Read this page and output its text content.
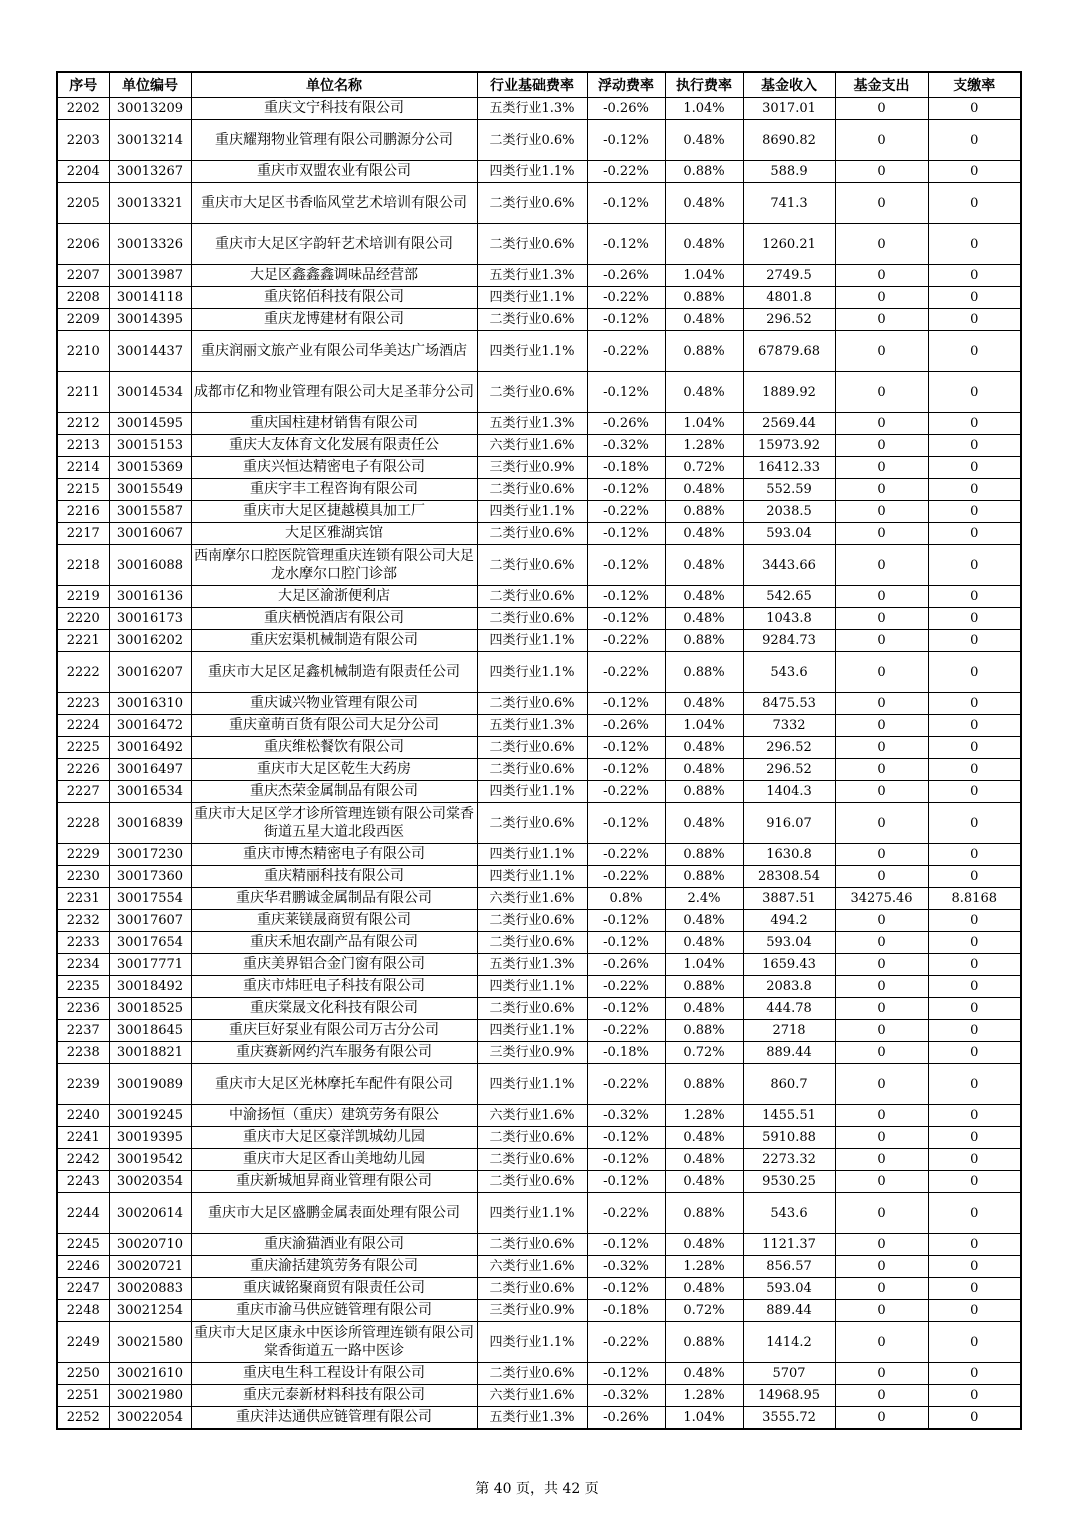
序号	单位编号	单位名称	行业基础费率	浮动费率	执行费率	基金收入	基金支出	支缴率
2202	30013209	重庆文宁科技有限公司	五类行业1.3%	-0.26%	1.04%	3017.01	0	0
2203	30013214	重庆耀翔物业管理有限公司鹏源分公司	二类行业0.6%	-0.12%	0.48%	8690.82	0	0
2204	30013267	重庆市双盟农业有限公司	四类行业1.1%	-0.22%	0.88%	588.9	0	0
2205	30013321	重庆市大足区书香临风堂艺术培训有限公司	二类行业0.6%	-0.12%	0.48%	741.3	0	0
2206	30013326	重庆市大足区字韵轩艺术培训有限公司	二类行业0.6%	-0.12%	0.48%	1260.21	0	0
2207	30013987	大足区鑫鑫鑫调味品经营部	五类行业1.3%	-0.26%	1.04%	2749.5	0	0
2208	30014118	重庆铭佰科技有限公司	四类行业1.1%	-0.22%	0.88%	4801.8	0	0
2209	30014395	重庆龙博建材有限公司	二类行业0.6%	-0.12%	0.48%	296.52	0	0
2210	30014437	重庆润丽文旅产业有限公司华美达广场酒店	四类行业1.1%	-0.22%	0.88%	67879.68	0	0
2211	30014534	成都市亿和物业管理有限公司大足圣菲分公司	二类行业0.6%	-0.12%	0.48%	1889.92	0	0
2212	30014595	重庆国柱建材销售有限公司	五类行业1.3%	-0.26%	1.04%	2569.44	0	0
2213	30015153	重庆大友体育文化发展有限责任公	六类行业1.6%	-0.32%	1.28%	15973.92	0	0
2214	30015369	重庆兴恒达精密电子有限公司	三类行业0.9%	-0.18%	0.72%	16412.33	0	0
2215	30015549	重庆宇丰工程咨询有限公司	二类行业0.6%	-0.12%	0.48%	552.59	0	0
2216	30015587	重庆市大足区捷越模具加工厂	四类行业1.1%	-0.22%	0.88%	2038.5	0	0
2217	30016067	大足区雅湖宾馆	二类行业0.6%	-0.12%	0.48%	593.04	0	0
2218	30016088	西南摩尔口腔医院管理重庆连锁有限公司大足龙水摩尔口腔门诊部	二类行业0.6%	-0.12%	0.48%	3443.66	0	0
2219	30016136	大足区渝浙便利店	二类行业0.6%	-0.12%	0.48%	542.65	0	0
2220	30016173	重庆栖悦酒店有限公司	二类行业0.6%	-0.12%	0.48%	1043.8	0	0
2221	30016202	重庆宏渠机械制造有限公司	四类行业1.1%	-0.22%	0.88%	9284.73	0	0
2222	30016207	重庆市大足区足鑫机械制造有限责任公司	四类行业1.1%	-0.22%	0.88%	543.6	0	0
2223	30016310	重庆诚兴物业管理有限公司	二类行业0.6%	-0.12%	0.48%	8475.53	0	0
2224	30016472	重庆童萌百货有限公司大足分公司	五类行业1.3%	-0.26%	1.04%	7332	0	0
2225	30016492	重庆维松餐饮有限公司	二类行业0.6%	-0.12%	0.48%	296.52	0	0
2226	30016497	重庆市大足区乾生大药房	二类行业0.6%	-0.12%	0.48%	296.52	0	0
2227	30016534	重庆杰荣金属制品有限公司	四类行业1.1%	-0.22%	0.88%	1404.3	0	0
2228	30016839	重庆市大足区学才诊所管理连锁有限公司棠香街道五星大道北段西医	二类行业0.6%	-0.12%	0.48%	916.07	0	0
2229	30017230	重庆市博杰精密电子有限公司	四类行业1.1%	-0.22%	0.88%	1630.8	0	0
2230	30017360	重庆精丽科技有限公司	四类行业1.1%	-0.22%	0.88%	28308.54	0	0
2231	30017554	重庆华君鹏诚金属制品有限公司	六类行业1.6%	0.8%	2.4%	3887.51	34275.46	8.8168
2232	30017607	重庆莱镁晟商贸有限公司	二类行业0.6%	-0.12%	0.48%	494.2	0	0
2233	30017654	重庆禾旭农副产品有限公司	二类行业0.6%	-0.12%	0.48%	593.04	0	0
2234	30017771	重庆美界铝合金门窗有限公司	五类行业1.3%	-0.26%	1.04%	1659.43	0	0
2235	30018492	重庆市炜旺电子科技有限公司	四类行业1.1%	-0.22%	0.88%	2083.8	0	0
2236	30018525	重庆棠晟文化科技有限公司	二类行业0.6%	-0.12%	0.48%	444.78	0	0
2237	30018645	重庆巨好泵业有限公司万古分公司	四类行业1.1%	-0.22%	0.88%	2718	0	0
2238	30018821	重庆赛新网约汽车服务有限公司	三类行业0.9%	-0.18%	0.72%	889.44	0	0
2239	30019089	重庆市大足区光林摩托车配件有限公司	四类行业1.1%	-0.22%	0.88%	860.7	0	0
2240	30019245	中渝扬恒（重庆）建筑劳务有限公	六类行业1.6%	-0.32%	1.28%	1455.51	0	0
2241	30019395	重庆市大足区豪洋凯城幼儿园	二类行业0.6%	-0.12%	0.48%	5910.88	0	0
2242	30019542	重庆市大足区香山美地幼儿园	二类行业0.6%	-0.12%	0.48%	2273.32	0	0
2243	30020354	重庆新城旭昇商业管理有限公司	二类行业0.6%	-0.12%	0.48%	9530.25	0	0
2244	30020614	重庆市大足区盛鹏金属表面处理有限公司	四类行业1.1%	-0.22%	0.88%	543.6	0	0
2245	30020710	重庆渝猫酒业有限公司	二类行业0.6%	-0.12%	0.48%	1121.37	0	0
2246	30020721	重庆渝括建筑劳务有限公司	六类行业1.6%	-0.32%	1.28%	856.57	0	0
2247	30020883	重庆诚铭聚商贸有限责任公司	二类行业0.6%	-0.12%	0.48%	593.04	0	0
2248	30021254	重庆市渝马供应链管理有限公司	三类行业0.9%	-0.18%	0.72%	889.44	0	0
2249	30021580	重庆市大足区康永中医诊所管理连锁有限公司棠香街道五一路中医诊	四类行业1.1%	-0.22%	0.88%	1414.2	0	0
2250	30021610	重庆电生科工程设计有限公司	二类行业0.6%	-0.12%	0.48%	5707	0	0
2251	30021980	重庆元泰新材料科技有限公司	六类行业1.6%	-0.32%	1.28%	14968.95	0	0
2252	30022054	重庆沣达通供应链管理有限公司	五类行业1.3%	-0.26%	1.04%	3555.72	0	0
第 40 页，共 42 页
